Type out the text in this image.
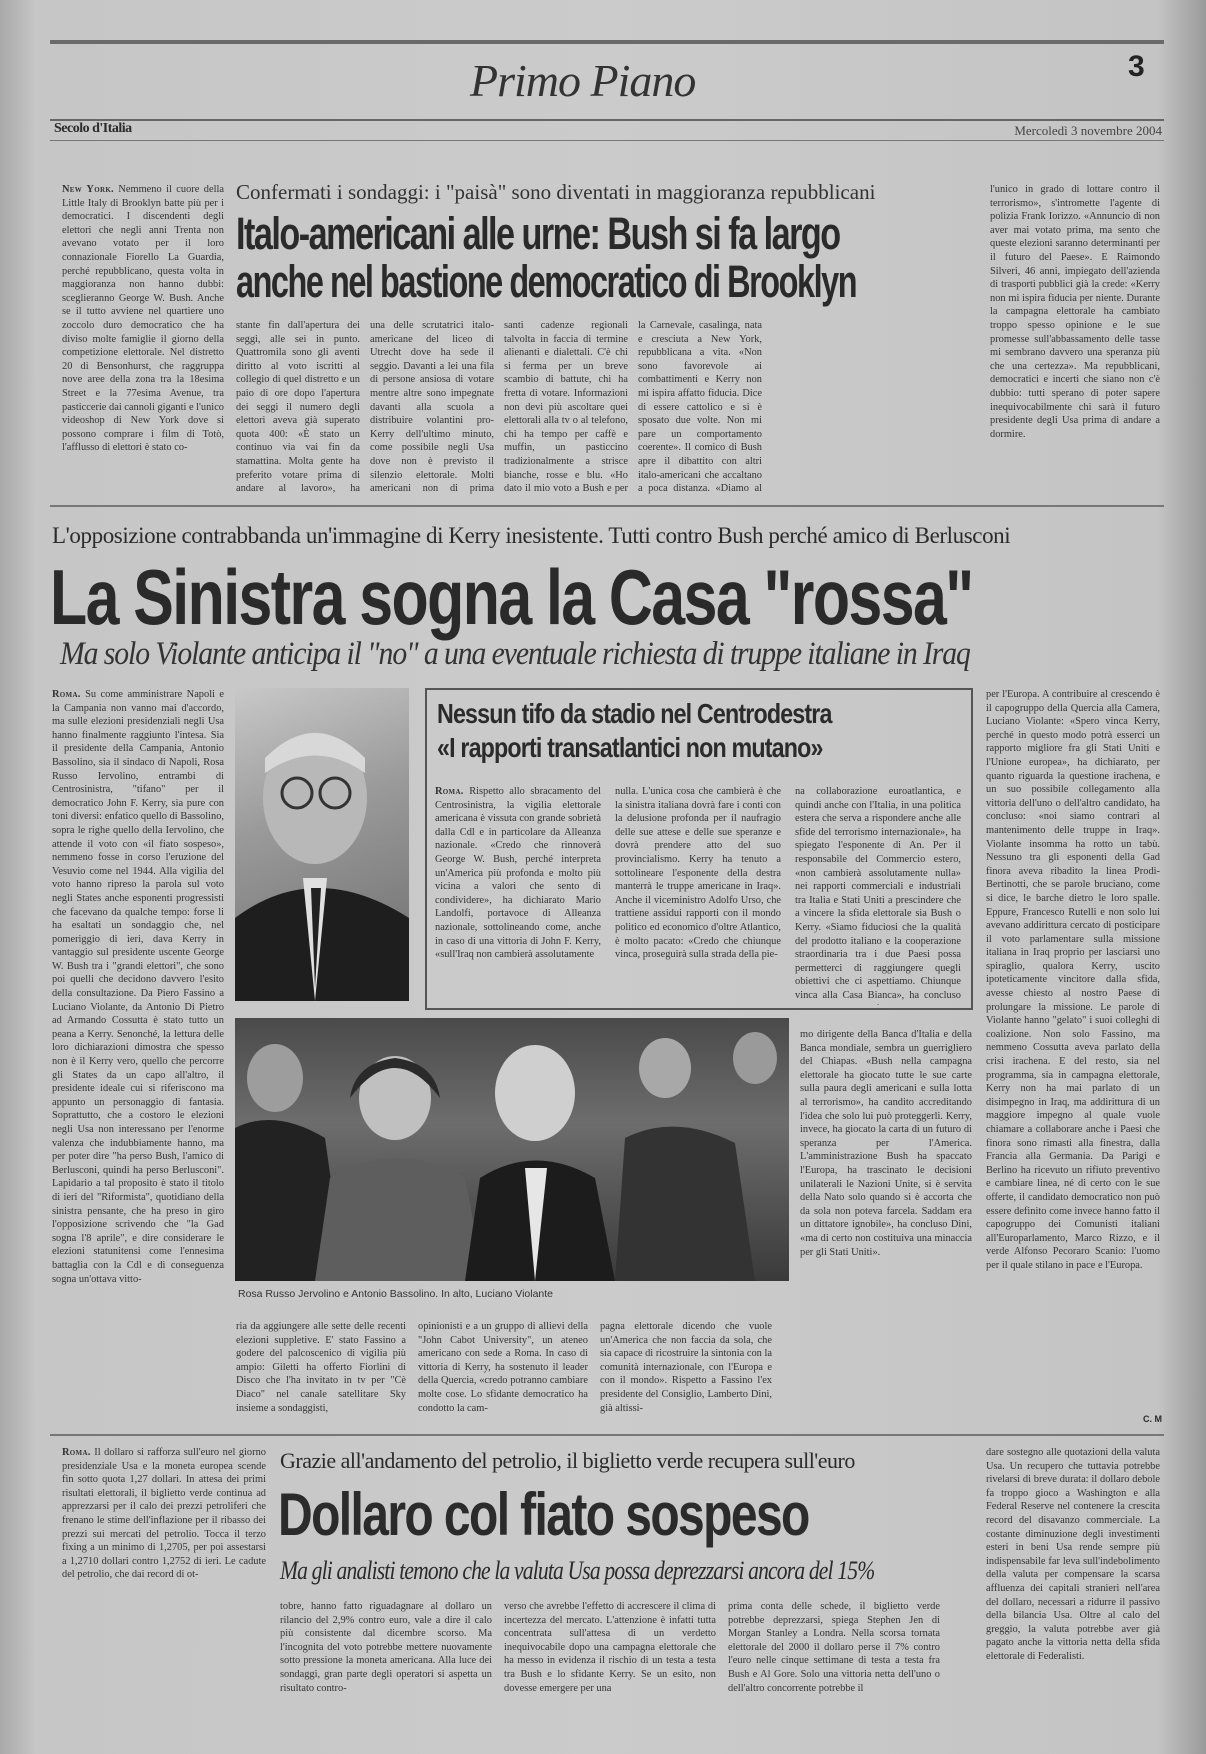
Primo Piano	3
Secolo d'Italia	Mercoledì 3 novembre 2004

New York. Nemmeno il cuore della Little Italy di Brooklyn batte più per i democratici. I discendenti degli elettori che negli anni Trenta non avevano votato per il loro connazionale Fiorello La Guardia, perché repubblicano, questa volta in maggioranza non hanno dubbi: sceglieranno George W. Bush. Anche se il tutto avviene nel quartiere uno zoccolo duro democratico che ha diviso molte famiglie il giorno della competizione elettorale. Nel distretto 20 di Bensonhurst, che raggruppa nove aree della zona tra la 18esima Street e la 77esima Avenue, tra pasticcerie dai cannoli giganti e l'unico videoshop di New York dove si possono comprare i film di Totò, l'afflusso di elettori è stato co-

Confermati i sondaggi: i "paisà" sono diventati in maggioranza repubblicani
Italo-americani alle urne: Bush si fa largo
anche nel bastione democratico di Brooklyn
stante fin dall'apertura dei seggi, alle sei in punto. Quattromila sono gli aventi diritto al voto iscritti al collegio di quel distretto e un paio di ore dopo l'apertura dei seggi il numero degli elettori aveva già superato quota 400: «È stato un continuo via vai fin da stamattina. Molta gente ha preferito votare prima di andare al lavoro», ha
una delle scrutatrici italo-americane del liceo di Utrecht dove ha sede il seggio. Davanti a lei una fila di persone ansiosa di votare mentre altre sono impegnate davanti alla scuola a distribuire volantini pro-Kerry dell'ultimo minuto, come possibile negli Usa dove non è previsto il silenzio elettorale. Molti americani non di prima
santi cadenze regionali talvolta in faccia di termine alienanti e dialettali. C'è chi si ferma per un breve scambio di battute, chi ha fretta di votare. Informazioni non devi più ascoltare quei elettorali alla tv o al telefono, chi ha tempo per caffè e muffin, un pasticcino tradizionalmente a strisce bianche, rosse e blu. «Ho dato il mio voto a Bush e per
la Carnevale, casalinga, nata e cresciuta a New York, repubblicana a vita. «Non sono favorevole ai combattimenti e Kerry non mi ispira affatto fiducia. Dice di essere cattolico e si è sposato due volte. Non mi pare un comportamento coerente». Il comico di Bush apre il dibattito con altri italo-americani che accaltano a poca distanza. «Diamo al
l'unico in grado di lottare contro il terrorismo», s'intromette l'agente di polizia Frank Iorizzo. «Annuncio di non aver mai votato prima, ma sento che queste elezioni saranno determinanti per il futuro del Paese». E Raimondo Silveri, 46 anni, impiegato dell'azienda di trasporti pubblici già la crede: «Kerry non mi ispira fiducia per niente. Durante la campagna elettorale ha cambiato troppo spesso opinione e le sue promesse sull'abbassamento delle tasse mi sembrano davvero una speranza più che una certezza». Ma repubblicani, democratici e incerti che siano non c'è dubbio: tutti sperano di poter sapere inequivocabilmente chi sarà il futuro presidente degli Usa prima di andare a dormire.
L'opposizione contrabbanda un'immagine di Kerry inesistente. Tutti contro Bush perché amico di Berlusconi
La Sinistra sogna la Casa "rossa"
Ma solo Violante anticipa il "no" a una eventuale richiesta di truppe italiane in Iraq

Roma. Su come amministrare Napoli e la Campania non vanno mai d'accordo, ma sulle elezioni presidenziali negli Usa hanno finalmente raggiunto l'intesa. Sia il presidente della Campania, Antonio Bassolino, sia il sindaco di Napoli, Rosa Russo Iervolino, entrambi di Centrosinistra, "tifano" per il democratico John F. Kerry, sia pure con toni diversi: enfatico quello di Bassolino, sopra le righe quello della Iervolino, che attende il voto con «il fiato sospeso», nemmeno fosse in corso l'eruzione del Vesuvio come nel 1944. Alla vigilia del voto hanno ripreso la parola sul voto negli States anche esponenti progressisti che facevano da qualche tempo: forse li ha esaltati un sondaggio che, nel pomeriggio di ieri, dava Kerry in vantaggio sul presidente uscente George W. Bush tra i "grandi elettori", che sono poi quelli che decidono davvero l'esito della consultazione. Da Piero Fassino a Luciano Violante, da Antonio Di Pietro ad Armando Cossutta è stato tutto un peana a Kerry. Senonché, la lettura delle loro dichiarazioni dimostra che spesso non è il Kerry vero, quello che percorre gli States da un capo all'altro, il presidente ideale cui si riferiscono ma appunto un personaggio di fantasia. Soprattutto, che a costoro le elezioni negli Usa non interessano per l'enorme valenza che indubbiamente hanno, ma per poter dire "ha perso Bush, l'amico di Berlusconi, quindi ha perso Berlusconi". Lapidario a tal proposito è stato il titolo di ieri del "Riformista", quotidiano della sinistra pensante, che ha preso in giro l'opposizione scrivendo che "la Gad sogna l'8 aprile", e dire considerare le elezioni statunitensi come l'ennesima battaglia con la Cdl e di conseguenza sogna un'ottava vitto-

Nessun tifo da stadio nel Centrodestra
«I rapporti transatlantici non mutano»

Roma. Rispetto allo sbracamento del Centrosinistra, la vigilia elettorale americana è vissuta con grande sobrietà dalla Cdl e in particolare da Alleanza nazionale. «Credo che rinnoverà George W. Bush, perché interpreta un'America più profonda e molto più vicina a valori che sento di condividere», ha dichiarato Mario Landolfi, portavoce di Alleanza nazionale, sottolineando come, anche in caso di una vittoria di John F. Kerry, «sull'Iraq non cambierà assolutamente

nulla. L'unica cosa che cambierà è che la sinistra italiana dovrà fare i conti con la delusione profonda per il naufragio delle sue attese e delle sue speranze e dovrà prendere atto del suo provincialismo. Kerry ha tenuto a sottolineare l'esponente della destra manterrà le truppe americane in Iraq». Anche il viceministro Adolfo Urso, che trattiene assidui rapporti con il mondo politico ed economico d'oltre Atlantico, è molto pacato: «Credo che chiunque vinca, proseguirà sulla strada della pie-
na collaborazione euroatlantica, e quindi anche con l'Italia, in una politica estera che serva a rispondere anche alle sfide del terrorismo internazionale», ha spiegato l'esponente di An. Per il responsabile del Commercio estero, «non cambierà assolutamente nulla» nei rapporti commerciali e industriali tra Italia e Stati Uniti a prescindere che a vincere la sfida elettorale sia Bush o Kerry. «Siamo fiduciosi che la qualità del prodotto italiano e la cooperazione straordinaria tra i due Paesi possa permetterci di raggiungere quegli obiettivi che ci aspettiamo. Chiunque vinca alla Casa Bianca», ha concluso
Rosa Russo Jervolino e Antonio Bassolino. In alto, Luciano Violante
mo dirigente della Banca d'Italia e della Banca mondiale, sembra un guerrigliero del Chiapas. «Bush nella campagna elettorale ha giocato tutte le sue carte sulla paura degli americani e sulla lotta al terrorismo», ha candito accreditando l'idea che solo lui può proteggerli. Kerry, invece, ha giocato la carta di un futuro di speranza per l'America. L'amministrazione Bush ha spaccato l'Europa, ha trascinato le decisioni unilaterali le Nazioni Unite, si è servita della Nato solo quando si è accorta che da sola non poteva farcela. Saddam era un dittatore ignobile», ha concluso Dini, «ma di certo non costituiva una minaccia per gli Stati Uniti».
ria da aggiungere alle sette delle recenti elezioni suppletive. E' stato Fassino a godere del palcoscenico di vigilia più ampio: Giletti ha offerto Fiorlini di Disco che l'ha invitato in tv per "Cè Diaco" nel canale satellitare Sky insieme a sondaggisti,
opinionisti e a un gruppo di allievi della "John Cabot University", un ateneo americano con sede a Roma. In caso di vittoria di Kerry, ha sostenuto il leader della Quercia, «credo potranno cambiare molte cose. Lo sfidante democratico ha condotto la cam-
pagna elettorale dicendo che vuole un'America che non faccia da sola, che sia capace di ricostruire la sintonia con la comunità internazionale, con l'Europa e con il mondo». Rispetto a Fassino l'ex presidente del Consiglio, Lamberto Dini, già altissi-
per l'Europa. A contribuire al crescendo è il capogruppo della Quercia alla Camera, Luciano Violante: «Spero vinca Kerry, perché in questo modo potrà esserci un rapporto migliore fra gli Stati Uniti e l'Unione europea», ha dichiarato, per quanto riguarda la questione irachena, e un suo possibile collegamento alla vittoria dell'uno o dell'altro candidato, ha concluso: «noi siamo contrari al mantenimento delle truppe in Iraq». Violante insomma ha rotto un tabù. Nessuno tra gli esponenti della Gad finora aveva ribadito la linea Prodi-Bertinotti, che se parole bruciano, come si dice, le barche dietro le loro spalle. Eppure, Francesco Rutelli e non solo lui avevano addirittura cercato di posticipare il voto parlamentare sulla missione italiana in Iraq proprio per lasciarsi uno spiraglio, qualora Kerry, uscito ipoteticamente vincitore dalla sfida, avesse chiesto al nostro Paese di prolungare la missione. Le parole di Violante hanno "gelato" i suoi colleghi di coalizione. Non solo Fassino, ma nemmeno Cossutta aveva parlato della crisi irachena. E del resto, sia nel programma, sia in campagna elettorale, Kerry non ha mai parlato di un disimpegno in Iraq, ma addirittura di un maggiore impegno al quale vuole chiamare a collaborare anche i Paesi che finora sono rimasti alla finestra, dalla Francia alla Germania. Da Parigi e Berlino ha ricevuto un rifiuto preventivo e cambiare linea, né di certo con le sue offerte, il candidato democratico non può essere definito come invece hanno fatto il capogruppo dei Comunisti italiani all'Europarlamento, Marco Rizzo, e il verde Alfonso Pecoraro Scanio: l'uomo per il quale stilano in pace e l'Europa.
C. M

Roma. Il dollaro si rafforza sull'euro nel giorno presidenziale Usa e la moneta europea scende fin sotto quota 1,27 dollari. In attesa dei primi risultati elettorali, il biglietto verde continua ad apprezzarsi per il calo dei prezzi petroliferi che frenano le stime dell'inflazione per il ribasso dei prezzi sui mercati del petrolio. Tocca il terzo fixing a un minimo di 1,2705, per poi assestarsi a 1,2710 dollari contro 1,2752 di ieri. Le cadute del petrolio, che dai record di ot-

Grazie all'andamento del petrolio, il biglietto verde recupera sull'euro
Dollaro col fiato sospeso
Ma gli analisti temono che la valuta Usa possa deprezzarsi ancora del 15%
tobre, hanno fatto riguadagnare al dollaro un rilancio del 2,9% contro euro, vale a dire il calo più consistente dal dicembre scorso. Ma l'incognita del voto potrebbe mettere nuovamente sotto pressione la moneta americana. Alla luce dei sondaggi, gran parte degli operatori si aspetta un risultato contro-
verso che avrebbe l'effetto di accrescere il clima di incertezza del mercato. L'attenzione è infatti tutta concentrata sull'attesa di un verdetto inequivocabile dopo una campagna elettorale che ha messo in evidenza il rischio di un testa a testa tra Bush e lo sfidante Kerry. Se un esito, non dovesse emergere per una
prima conta delle schede, il biglietto verde potrebbe deprezzarsi, spiega Stephen Jen di Morgan Stanley a Londra. Nella scorsa tornata elettorale del 2000 il dollaro perse il 7% contro l'euro nelle cinque settimane di testa a testa fra Bush e Al Gore. Solo una vittoria netta dell'uno o dell'altro concorrente potrebbe il
dare sostegno alle quotazioni della valuta Usa. Un recupero che tuttavia potrebbe rivelarsi di breve durata: il dollaro debole fa troppo gioco a Washington e alla Federal Reserve nel contenere la crescita record del disavanzo commerciale. La costante diminuzione degli investimenti esteri in beni Usa rende sempre più indispensabile far leva sull'indebolimento della valuta per compensare la scarsa affluenza dei capitali stranieri nell'area del dollaro, necessari a ridurre il passivo della bilancia Usa. Oltre al calo del greggio, la valuta potrebbe aver già pagato anche la vittoria netta della sfida elettorale di Federalisti.
